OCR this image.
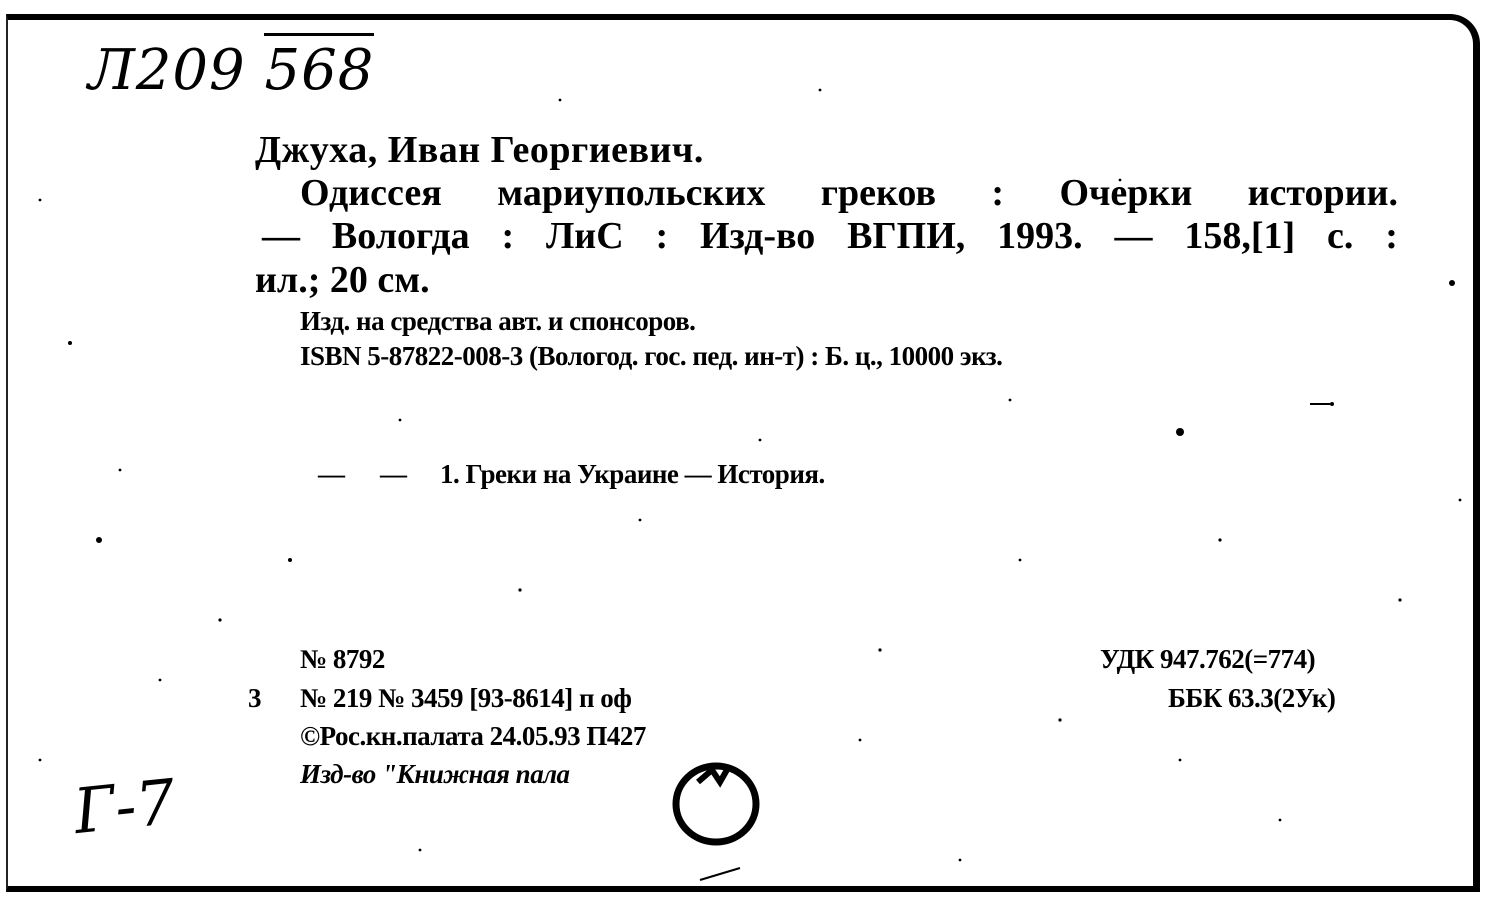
Л209 568
Джуха, Иван Георгиевич.
Одиссея мариупольских греков : Очерки истории.
— Вологда : ЛиС : Изд-во ВГПИ, 1993. — 158,[1] с. :
ил.; 20 см.
Изд. на средства авт. и спонсоров.
ISBN 5-87822-008-3 (Вологод. гос. пед. ин-т) : Б. ц., 10000 экз.
— — 1. Греки на Украине — История.
№ 8792
3 № 219 № 3459 [93-8614] п оф
©Рос.кн.палата 24.05.93 П427
Изд-во "Книжная пала
УДК 947.762(=774)
ББК 63.3(2Ук)
Г-7
